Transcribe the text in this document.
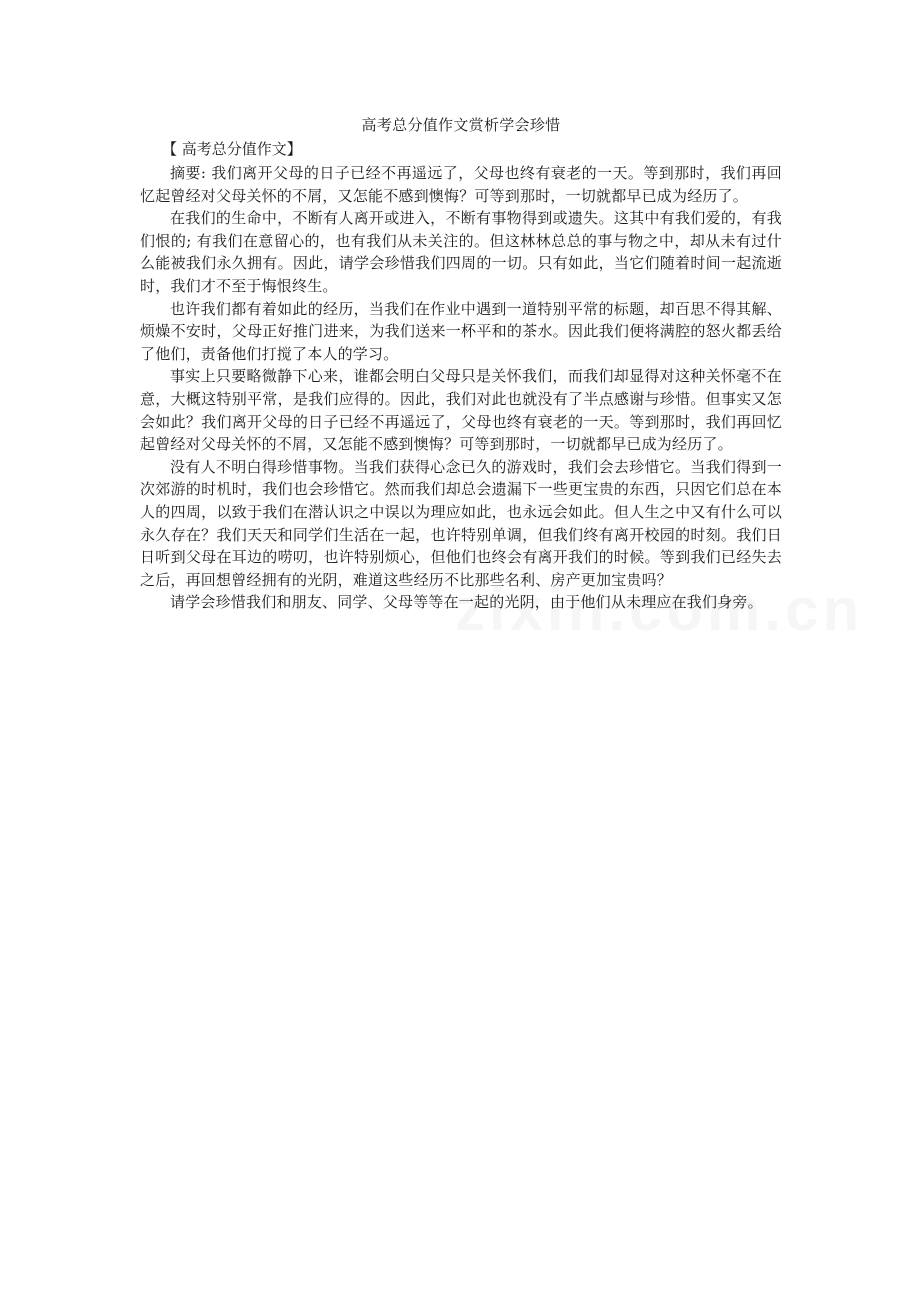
高考总分值作文赏析学会珍惜
【 高考总分值作文】

摘要: 我们离开父母的日子已经不再遥远了，父母也终有衰老的一天。等到那时，我们再回忆起曾经对父母关怀的不屑，又怎能不感到懊悔？可等到那时，一切就都早已成为经历了。

在我们的生命中，不断有人离开或进入，不断有事物得到或遗失。这其中有我们爱的，有我们恨的; 有我们在意留心的，也有我们从未关注的。但这林林总总的事与物之中，却从未有过什么能被我们永久拥有。因此，请学会珍惜我们四周的一切。只有如此，当它们随着时间一起流逝时，我们才不至于悔恨终生。

也许我们都有着如此的经历，当我们在作业中遇到一道特别平常的标题，却百思不得其解、烦燥不安时，父母正好推门进来，为我们送来一杯平和的茶水。因此我们便将满腔的怒火都丢给了他们，责备他们打搅了本人的学习。

事实上只要略微静下心来，谁都会明白父母只是关怀我们，而我们却显得对这种关怀毫不在意，大概这特别平常，是我们应得的。因此，我们对此也就没有了半点感谢与珍惜。但事实又怎会如此？我们离开父母的日子已经不再遥远了，父母也终有衰老的一天。等到那时，我们再回忆起曾经对父母关怀的不屑，又怎能不感到懊悔？可等到那时，一切就都早已成为经历了。

没有人不明白得珍惜事物。当我们获得心念已久的游戏时，我们会去珍惜它。当我们得到一次郊游的时机时，我们也会珍惜它。然而我们却总会遗漏下一些更宝贵的东西，只因它们总在本人的四周，以致于我们在潜认识之中误以为理应如此，也永远会如此。但人生之中又有什么可以永久存在？我们天天和同学们生活在一起，也许特别单调，但我们终有离开校园的时刻。我们日日听到父母在耳边的唠叨，也许特别烦心，但他们也终会有离开我们的时候。等到我们已经失去之后，再回想曾经拥有的光阴，难道这些经历不比那些名利、房产更加宝贵吗？

请学会珍惜我们和朋友、同学、父母等等在一起的光阴，由于他们从未理应在我们身旁。
